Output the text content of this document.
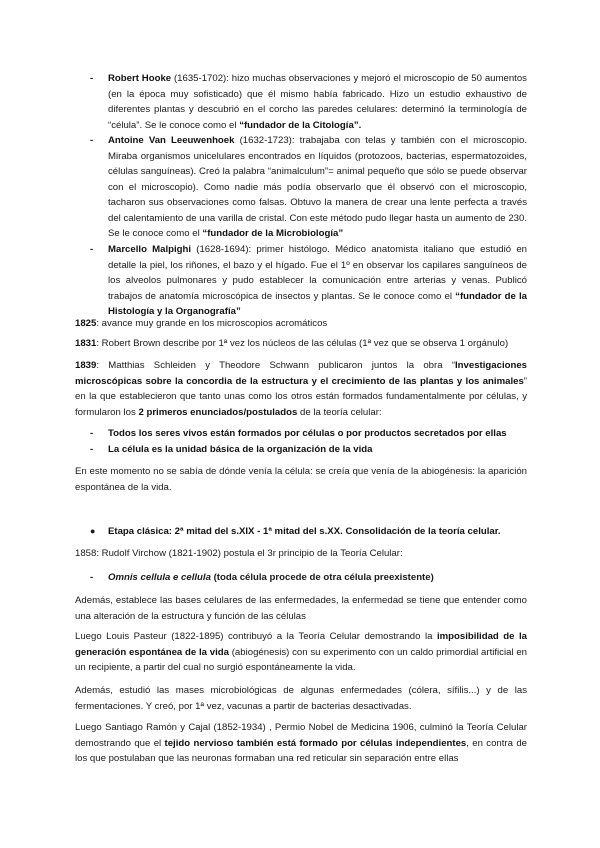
-	Robert Hooke (1635-1702): hizo muchas observaciones y mejoró el microscopio de 50 aumentos (en la época muy sofisticado) que él mismo había fabricado. Hizo un estudio exhaustivo de diferentes plantas y descubrió en el corcho las paredes celulares: determinó la terminología de “célula”. Se le conoce como el “fundador de la Citología”.
-	Antoine Van Leeuwenhoek (1632-1723): trabajaba con telas y también con el microscopio. Miraba organismos unicelulares encontrados en líquidos (protozoos, bacterias, espermatozoides, células sanguíneas). Creó la palabra “animalculum”= animal pequeño que sólo se puede observar con el microscopio). Como nadie más podía observarlo que él observó con el microscopio, tacharon sus observaciones como falsas. Obtuvo la manera de crear una lente perfecta a través del calentamiento de una varilla de cristal. Con este método pudo llegar hasta un aumento de 230. Se le conoce como el “fundador de la Microbiología”
-	Marcello Malpighi (1628-1694): primer histólogo. Médico anatomista italiano que estudió en detalle la piel, los riñones, el bazo y el hígado. Fue el 1º en observar los capilares sanguíneos de los alveolos pulmonares y pudo establecer la comunicación entre arterias y venas. Publicó trabajos de anatomía microscópica de insectos y plantas. Se le conoce como el “fundador de la Histología y la Organografía”

1825: avance muy grande en los microscopios acromáticos

1831: Robert Brown describe por 1ª vez los núcleos de las células (1ª vez que se observa 1 orgánulo)

1839: Matthias Schleiden y Theodore Schwann publicaron juntos la obra “Investigaciones microscópicas sobre la concordia de la estructura y el crecimiento de las plantas y los animales” en la que establecieron que tanto unas como los otros están formados fundamentalmente por células, y formularon los 2 primeros enunciados/postulados de la teoría celular:

-	Todos los seres vivos están formados por células o por productos secretados por ellas
-	La célula es la unidad básica de la organización de la vida

En este momento no se sabía de dónde venía la célula: se creía que venía de la abiogénesis: la aparición espontánea de la vida.

● Etapa clásica: 2ª mitad del s.XIX - 1ª mitad del s.XX. Consolidación de la teoría celular.

1858: Rudolf Virchow (1821-1902) postula el 3r principio de la Teoría Celular:

-	Omnis cellula e cellula (toda célula procede de otra célula preexistente)

Además, establece las bases celulares de las enfermedades, la enfermedad se tiene que entender como una alteración de la estructura y función de las células

Luego Louis Pasteur (1822-1895) contribuyó a la Teoría Celular demostrando la imposibilidad de la generación espontánea de la vida (abiogénesis) con su experimento con un caldo primordial artificial en un recipiente, a partir del cual no surgió espontáneamente la vida.

Además, estudió las mases microbiológicas de algunas enfermedades (cólera, sífilis...) y de las fermentaciones. Y creó, por 1ª vez, vacunas a partir de bacterias desactivadas.

Luego Santiago Ramón y Cajal (1852-1934) , Permio Nobel de Medicina 1906, culminó la Teoría Celular demostrando que el tejido nervioso también está formado por células independientes, en contra de los que postulaban que las neuronas formaban una red reticular sin separación entre ellas
